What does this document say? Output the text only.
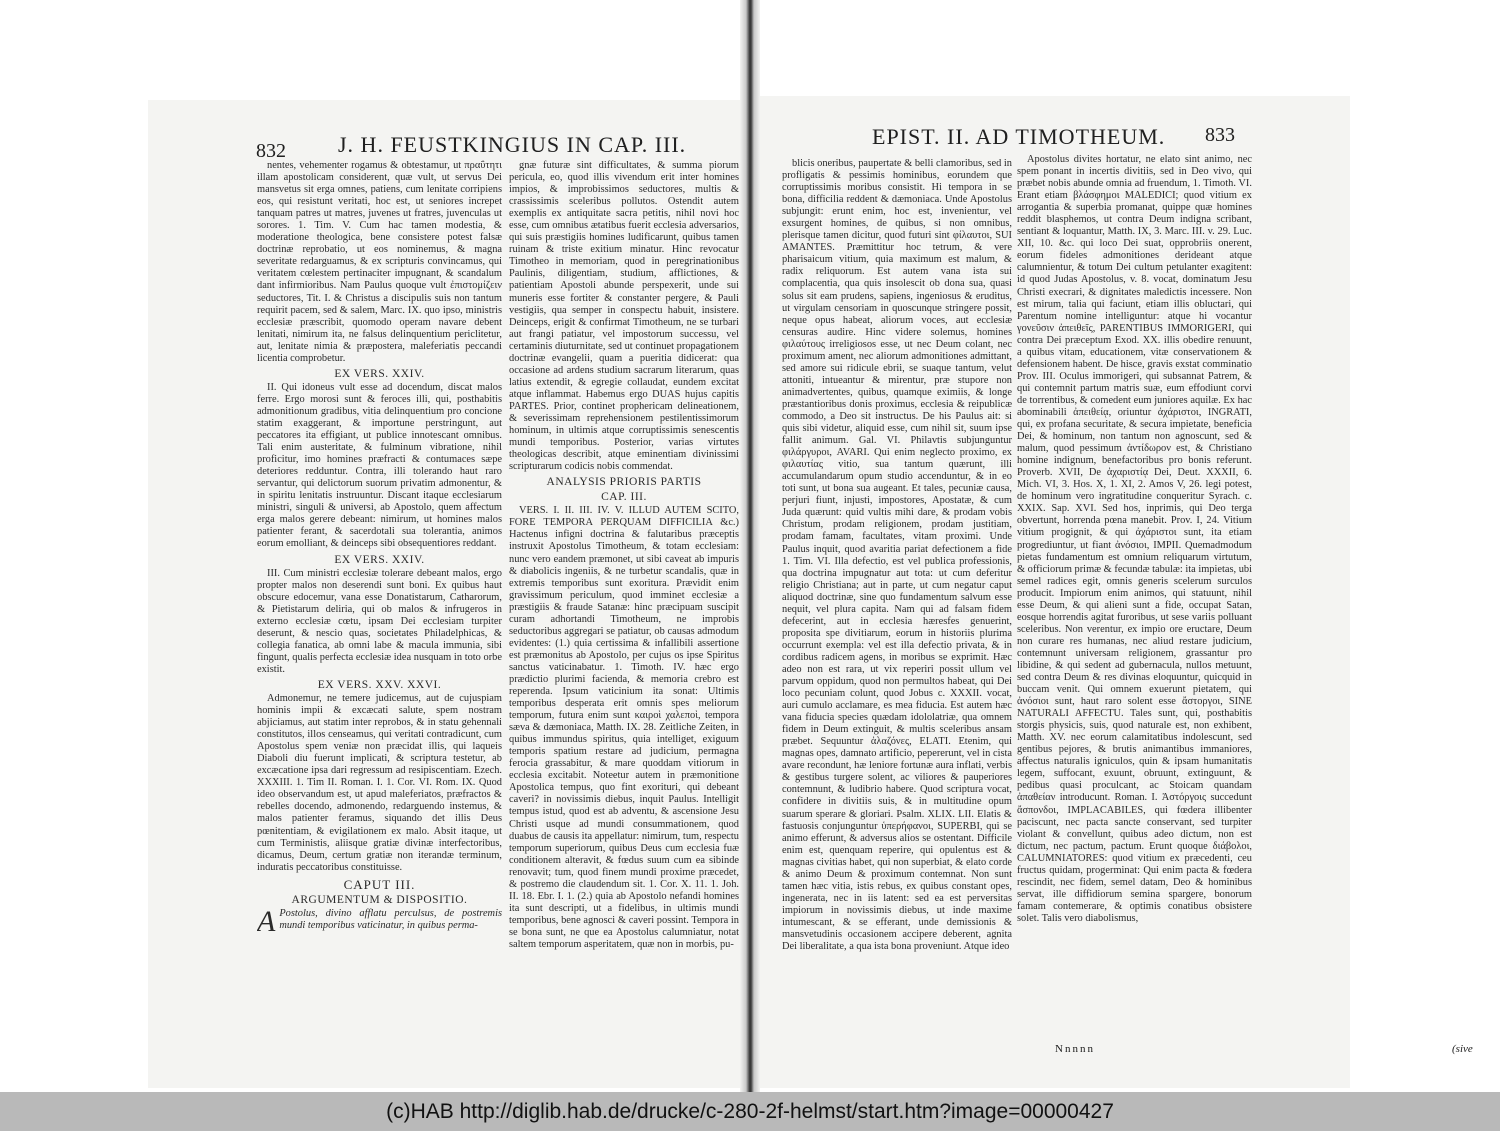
832 J. H. FEUSTKINGIUS IN CAP. III.	833
EPIST. II. AD TIMOTHEUM.

nentes, vehementer rogamus & obtestamur, ut πραΰτητι illam apostolicam considerent, quæ vult, ut servus Dei mansvetus sit erga omnes, patiens, cum lenitate corripiens eos, qui resistunt veritati, hoc est, ut seniores increpet tanquam patres ut matres, juvenes ut fratres, juvenculas ut sorores. 1. Tim. V. Cum hac tamen modestia, & moderatione theologica, bene consistere potest falsæ doctrinæ reprobatio, ut eos nominemus, & magna severitate redarguamus, & ex scripturis convincamus, qui veritatem cœlestem pertinaciter impugnant, & scandalum dant infirmioribus. Nam Paulus quoque vult ἐπιστομίζειν seductores, Tit. I. & Christus a discipulis suis non tantum requirit pacem, sed & salem, Marc. IX. quo ipso, ministris ecclesiæ præscribit, quomodo operam navare debent lenitati, nimirum ita, ne falsus delinquentium periclitetur, aut, lenitate nimia & præpostera, maleferiatis peccandi licentia comprobetur.

EX VERS. XXIV.

II. Qui idoneus vult esse ad docendum, discat malos ferre. Ergo morosi sunt & feroces illi, qui, posthabitis admonitionum gradibus, vitia delinquentium pro concione statim exaggerant, & importune perstringunt, aut peccatores ita effigiant, ut publice innotescant omnibus. Tali enim austeritate, & fulminum vibratione, nihil proficitur, imo homines præfracti & contumaces sæpe deteriores redduntur. Contra, illi tolerando haut raro servantur, qui delictorum suorum privatim admonentur, & in spiritu lenitatis instruuntur. Discant itaque ecclesiarum ministri, singuli & universi, ab Apostolo, quem affectum erga malos gerere debeant: nimirum, ut homines malos patienter ferant, & sacerdotali sua tolerantia, animos eorum emolliant, & deinceps sibi obsequentiores reddant.

EX VERS. XXIV.

III. Cum ministri ecclesiæ tolerare debeant malos, ergo propter malos non deserendi sunt boni. Ex quibus haut obscure edocemur, vana esse Donatistarum, Catharorum, & Pietistarum deliria, qui ob malos & infrugeros in externo ecclesiæ cœtu, ipsam Dei ecclesiam turpiter deserunt, & nescio quas, societates Philadelphicas, & collegia fanatica, ab omni labe & macula immunia, sibi fingunt, qualis perfecta ecclesiæ idea nusquam in toto orbe existit.

EX VERS. XXV. XXVI.

Admonemur, ne temere judicemus, aut de cujuspiam hominis impii & excæcati salute, spem nostram abjiciamus, aut statim inter reprobos, & in statu gehennali constitutos, illos censeamus, qui veritati contradicunt, cum Apostolus spem veniæ non præcidat illis, qui laqueis Diaboli diu fuerunt implicati, & scriptura testetur, ab excæcatione ipsa dari regressum ad resipiscentiam. Ezech. XXXIII. 1. Tim II. Roman. I. 1. Cor. VI. Rom. IX. Quod ideo observandum est, ut apud maleferiatos, præfractos & rebelles docendo, admonendo, redarguendo instemus, & malos patienter feramus, siquando det illis Deus pœnitentiam, & evigilationem ex malo. Absit itaque, ut cum Terministis, aliisque gratiæ divinæ interfectoribus, dicamus, Deum, certum gratiæ non iterandæ terminum, induratis peccatoribus constituisse.

CAPUT III.

ARGUMENTUM & DISPOSITIO.

A Postolus, divino afflatu perculsus, de postremis mundi temporibus vaticinatur, in quibus perma-

gnæ futuræ sint difficultates, & summa piorum pericula, eo, quod illis vivendum erit inter homines impios, & improbissimos seductores, multis & crassissimis sceleribus pollutos. Ostendit autem exemplis ex antiquitate sacra petitis, nihil novi hoc esse, cum omnibus ætatibus fuerit ecclesia adversarios, qui suis præstigiis homines ludificarunt, quibus tamen ruinam & triste exitium minatur. Hinc revocatur Timotheo in memoriam, quod in peregrinationibus Paulinis, diligentiam, studium, afflictiones, & patientiam Apostoli abunde perspexerit, unde sui muneris esse fortiter & constanter pergere, & Pauli vestigiis, qua semper in conspectu habuit, insistere. Deinceps, erigit & confirmat Timotheum, ne se turbari aut frangi patiatur, vel impostorum successu, vel certaminis diuturnitate, sed ut continuet propagationem doctrinæ evangelii, quam a pueritia didicerat: qua occasione ad ardens studium sacrarum literarum, quas latius extendit, & egregie collaudat, eundem excitat atque inflammat. Habemus ergo DUAS hujus capitis PARTES. Prior, continet prophericam delineationem, & severissimam reprehensionem pestilentissimorum hominum, in ultimis atque corruptissimis senescentis mundi temporibus. Posterior, varias virtutes theologicas describit, atque eminentiam divinissimi scripturarum codicis nobis commendat.

ANALYSIS PRIORIS PARTIS

CAP. III.

VERS. I. II. III. IV. V. ILLUD AUTEM SCITO, FORE TEMPORA PERQUAM DIFFICILIA &c.) Hactenus infigni doctrina & falutaribus præceptis instruxit Apostolus Timotheum, & totam ecclesiam: nunc vero eandem præmonet, ut sibi caveat ab impuris & diabolicis ingeniis, & ne turbetur scandalis, quæ in extremis temporibus sunt exoritura. Prævidit enim gravissimum periculum, quod imminet ecclesiæ a præstigiis & fraude Satanæ: hinc præcipuam suscipit curam adhortandi Timotheum, ne improbis seductoribus aggregari se patiatur, ob causas admodum evidentes: (1.) quia certissima & infallibili assertione est præmonitus ab Apostolo, per cujus os ipse Spiritus sanctus vaticinabatur. 1. Timoth. IV. hæc ergo prædictio plurimi facienda, & memoria crebro est reperenda. Ipsum vaticinium ita sonat: Ultimis temporibus desperata erit omnis spes meliorum temporum, futura enim sunt καιροὶ χαλεποὶ, tempora sæva & dæmoniaca, Matth. IX. 28. Zeitliche Zeiten, in quibus immundus spiritus, quia intelliget, exiguum temporis spatium restare ad judicium, permagna ferocia grassabitur, & mare quoddam vitiorum in ecclesia excitabit. Noteetur autem in præmonitione Apostolica tempus, quo fint exorituri, qui debeant caveri? in novissimis diebus, inquit Paulus. Intelligit tempus istud, quod est ab adventu, & ascensione Jesu Christi usque ad mundi consummationem, quod duabus de causis ita appellatur: nimirum, tum, respectu temporum superiorum, quibus Deus cum ecclesia fuæ conditionem alteravit, & fœdus suum cum ea sibinde renovavit; tum, quod finem mundi proxime præcedet, & postremo die claudendum sit. 1. Cor. X. 11. 1. Joh. II. 18. Ebr. I. 1. (2.) quia ab Apostolo nefandi homines ita sunt descripti, ut a fidelibus, in ultimis mundi temporibus, bene agnosci & caveri possint. Tempora in se bona sunt, ne que ea Apostolus calumniatur, notat saltem temporum asperitatem, quæ non in morbis, pu-

blicis oneribus, paupertate & belli clamoribus, sed in profligatis & pessimis hominibus, eorundem que corruptissimis moribus consistit. Hi tempora in se bona, difficilia reddent & dæmoniaca. Unde Apostolus subjungit: erunt enim, hoc est, invenientur, vel exsurgent homines, de quibus, si non omnibus, plerisque tamen dicitur, quod futuri sint φίλαυτοι, SUI AMANTES. Præmittitur hoc tetrum, & vere pharisaicum vitium, quia maximum est malum, & radix reliquorum. Est autem vana ista sui complacentia, qua quis insolescit ob dona sua, quasi solus sit eam prudens, sapiens, ingeniosus & eruditus, ut virgulam censoriam in quoscunque stringere possit, neque opus habeat, aliorum voces, aut ecclesiæ censuras audire. Hinc videre solemus, homines φιλαύτους irreligiosos esse, ut nec Deum colant, nec proximum ament, nec aliorum admonitiones admittant, sed amore sui ridicule ebrii, se suaque tantum, velut attoniti, intueantur & mirentur, præ stupore non animadvertentes, quibus, quamque eximiis, & longe præstantioribus donis proximus, ecclesia & reipublicæ commodo, a Deo sit instructus. De his Paulus ait: si quis sibi videtur, aliquid esse, cum nihil sit, suum ipse fallit animum. Gal. VI. Philavtis subjunguntur φιλάργυροι, AVARI. Qui enim neglecto proximo, ex φιλαυτίας vitio, sua tantum quærunt, illi accumulandarum opum studio accenduntur, & in eo toti sunt, ut bona sua augeant. Et tales, pecuniæ causa, perjuri fiunt, injusti, impostores, Apostatæ, & cum Juda quærunt: quid vultis mihi dare, & prodam vobis Christum, prodam religionem, prodam justitiam, prodam famam, facultates, vitam proximi. Unde Paulus inquit, quod avaritia pariat defectionem a fide 1. Tim. VI. Illa defectio, est vel publica professionis, qua doctrina impugnatur aut tota: ut cum deferitur religio Christiana; aut in parte, ut cum negatur caput aliquod doctrinæ, sine quo fundamentum salvum esse nequit, vel plura capita. Nam qui ad falsam fidem defecerint, aut in ecclesia hæresfes genuerint, proposita spe divitiarum, eorum in historiis plurima occurrunt exempla: vel est illa defectio privata, & in cordibus radicem agens, in moribus se exprimit. Hæc adeo non est rara, ut vix reperiri possit ullum vel parvum oppidum, quod non permultos habeat, qui Dei loco pecuniam colunt, quod Jobus c. XXXII. vocat, auri cumulo acclamare, es mea fiducia. Est autem hæc vana fiducia species quædam idololatriæ, qua omnem fidem in Deum extinguit, & multis sceleribus ansam præbet. Sequuntur ἀλαζόνες, ELATI. Etenim, qui magnas opes, damnato artificio, pepererunt, vel in cista avare recondunt, hæ leniore fortunæ aura inflati, verbis & gestibus turgere solent, ac viliores & pauperiores contemnunt, & ludibrio habere. Quod scriptura vocat, confidere in divitiis suis, & in multitudine opum suarum sperare & gloriari. Psalm. XLIX. LII. Elatis & fastuosis conjunguntur ὑπερήφανοι, SUPERBI, qui se animo efferunt, & adversus alios se ostentant. Difficile enim est, quenquam reperire, qui opulentus est & magnas civitias habet, qui non superbiat, & elato corde & animo Deum & proximum contemnat. Non sunt tamen hæc vitia, istis rebus, ex quibus constant opes, ingenerata, nec in iis latent: sed ea est perversitas impiorum in novissimis diebus, ut inde maxime intumescant, & se efferant, unde demissionis & mansvetudinis occasionem accipere deberent, agnita Dei liberalitate, a qua ista bona proveniunt. Atque ideo

Apostolus divites hortatur, ne elato sint animo, nec spem ponant in incertis divitiis, sed in Deo vivo, qui præbet nobis abunde omnia ad fruendum, 1. Timoth. VI. Erant etiam βλάσφημοι MALEDICI; quod vitium ex arrogantia & superbia promanat, quippe quæ homines reddit blasphemos, ut contra Deum indigna scribant, sentiant & loquantur, Matth. IX, 3. Marc. III. v. 29. Luc. XII, 10. &c. qui loco Dei suat, opprobriis onerent, eorum fideles admonitiones derideant atque calumnientur, & totum Dei cultum petulanter exagitent: id quod Judas Apostolus, v. 8. vocat, dominatum Jesu Christi execrari, & dignitates maledictis incessere. Non est mirum, talia qui faciunt, etiam illis obluctari, qui Parentum nomine intelliguntur: atque hi vocantur γονεῦσιν ἀπειθεῖς, PARENTIBUS IMMORIGERI, qui contra Dei præceptum Exod. XX. illis obedire renuunt, a quibus vitam, educationem, vitæ conservationem & defensionem habent. De hisce, gravis exstat comminatio Prov. III. Oculus immorigeri, qui subsannat Patrem, & qui contemnit partum matris suæ, eum effodiunt corvi de torrentibus, & comedent eum juniores aquilæ. Ex hac abominabili ἀπειθείᾳ, oriuntur ἀχάριστοι, INGRATI, qui, ex profana securitate, & secura impietate, beneficia Dei, & hominum, non tantum non agnoscunt, sed & malum, quod pessimum ἀντίδωρον est, & Christiano homine indignum, benefactoribus pro bonis referunt. Proverb. XVII, De ἀχαριστίᾳ Dei, Deut. XXXII, 6. Mich. VI, 3. Hos. X, 1. XI, 2. Amos V, 26. legi potest, de hominum vero ingratitudine conqueritur Syrach. c. XXIX. Sap. XVI. Sed hos, inprimis, qui Deo terga obvertunt, horrenda pœna manebit. Prov. I, 24. Vitium vitium progignit, & qui ἀχάριστοι sunt, ita etiam progrediuntur, ut fiant ἀνόσιοι, IMPII. Quemadmodum pietas fundamentum est omnium reliquarum virtutum, & officiorum primæ & fecundæ tabulæ: ita impietas, ubi semel radices egit, omnis generis scelerum surculos producit. Impiorum enim animos, qui statuunt, nihil esse Deum, & qui alieni sunt a fide, occupat Satan, eosque horrendis agitat furoribus, ut sese variis polluant sceleribus. Non verentur, ex impio ore eructare, Deum non curare res humanas, nec aliud restare judicium, contemnunt universam religionem, grassantur pro libidine, & qui sedent ad gubernacula, nullos metuunt, sed contra Deum & res divinas eloquuntur, quicquid in buccam venit. Qui omnem exuerunt pietatem, qui ἀνόσιοι sunt, haut raro solent esse ἄστοργοι, SINE NATURALI AFFECTU. Tales sunt, qui, posthabitis storgis physicis, suis, quod naturale est, non exhibent, Matth. XV. nec eorum calamitatibus indolescunt, sed gentibus pejores, & brutis animantibus immaniores, affectus naturalis igniculos, quin & ipsam humanitatis legem, suffocant, exuunt, obruunt, extinguunt, & pedibus quasi proculcant, ac Stoicam quandam ἀπαθείαν introducunt. Roman. I. Ἀστόργοις succedunt ἄσπονδοι, IMPLACABILES, qui fœdera illibenter paciscunt, nec pacta sancte conservant, sed turpiter violant & convellunt, quibus adeo dictum, non est dictum, nec pactum, pactum. Erunt quoque διάβολοι, CALUMNIATORES: quod vitium ex præcedenti, ceu fructus quidam, progerminat: Qui enim pacta & fœdera rescindit, nec fidem, semel datam, Deo & hominibus servat, ille diffidiorum semina spargere, bonorum famam contemerare, & optimis conatibus obsistere solet. Talis vero diabolismus,

Nnnnn	(sive
(c)HAB http://diglib.hab.de/drucke/c-280-2f-helmst/start.htm?image=00000427
